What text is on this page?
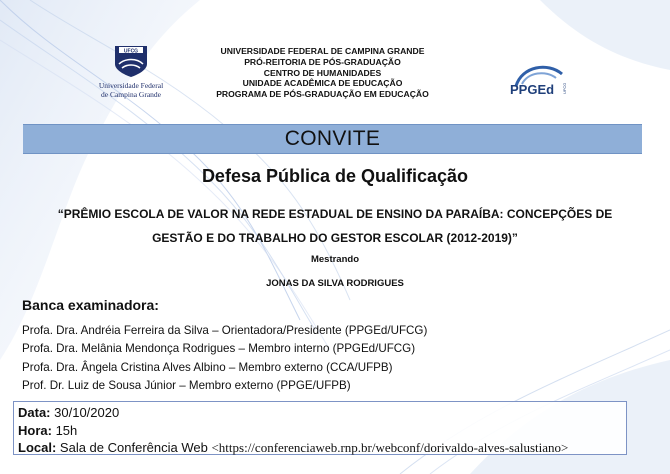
UFCG
Universidade Federal
de Campina Grande
UNIVERSIDADE FEDERAL DE CAMPINA GRANDE
PRÓ-REITORIA DE PÓS-GRADUAÇÃO
CENTRO DE HUMANIDADES
UNIDADE ACADÊMICA DE EDUCAÇÃO
PROGRAMA DE PÓS-GRADUAÇÃO EM EDUCAÇÃO	PPGEd UFCG
CONVITE
Defesa Pública de Qualificação
“PRÊMIO ESCOLA DE VALOR NA REDE ESTADUAL DE ENSINO DA PARAÍBA: CONCEPÇÕES DE
GESTÃO E DO TRABALHO DO GESTOR ESCOLAR (2012-2019)”
Mestrando
JONAS DA SILVA RODRIGUES
Banca examinadora:
Profa. Dra. Andréia Ferreira da Silva – Orientadora/Presidente (PPGEd/UFCG)
Profa. Dra. Melânia Mendonça Rodrigues – Membro interno (PPGEd/UFCG)
Profa. Dra. Ângela Cristina Alves Albino – Membro externo (CCA/UFPB)
Prof. Dr. Luiz de Sousa Júnior – Membro externo (PPGE/UFPB)
Data: 30/10/2020
Hora: 15h
Local: Sala de Conferência Web <https://conferenciaweb.rnp.br/webconf/dorivaldo-alves-salustiano>
